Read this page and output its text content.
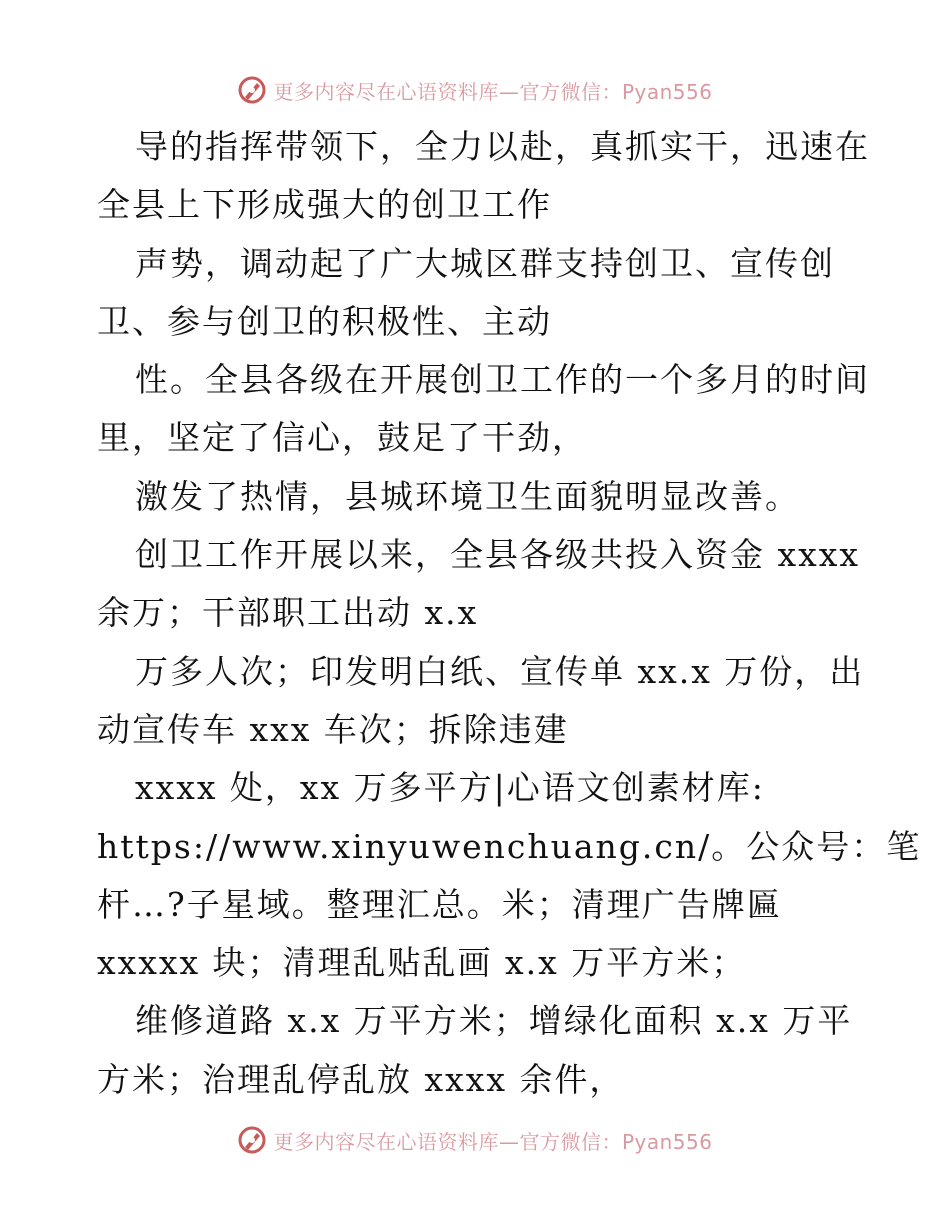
更多内容尽在心语资料库—官方微信：Pyan556
导的指挥带领下，全力以赴，真抓实干，迅速在
全县上下形成强大的创卫工作
声势，调动起了广大城区群支持创卫、宣传创
卫、参与创卫的积极性、主动
性。全县各级在开展创卫工作的一个多月的时间
里，坚定了信心，鼓足了干劲，
激发了热情，县城环境卫生面貌明显改善。
创卫工作开展以来，全县各级共投入资金 xxxx
余万；干部职工出动 x.x
万多人次；印发明白纸、宣传单 xx.x 万份，出
动宣传车 xxx 车次；拆除违建
xxxx 处，xx 万多平方|心语文创素材库:
https://www.xinyuwenchuang.cn/。公众号：笔
杆…?子星域。整理汇总。米；清理广告牌匾
xxxxx 块；清理乱贴乱画 x.x 万平方米；
维修道路 x.x 万平方米；增绿化面积 x.x 万平
方米；治理乱停乱放 xxxx 余件，
更多内容尽在心语资料库—官方微信：Pyan556
